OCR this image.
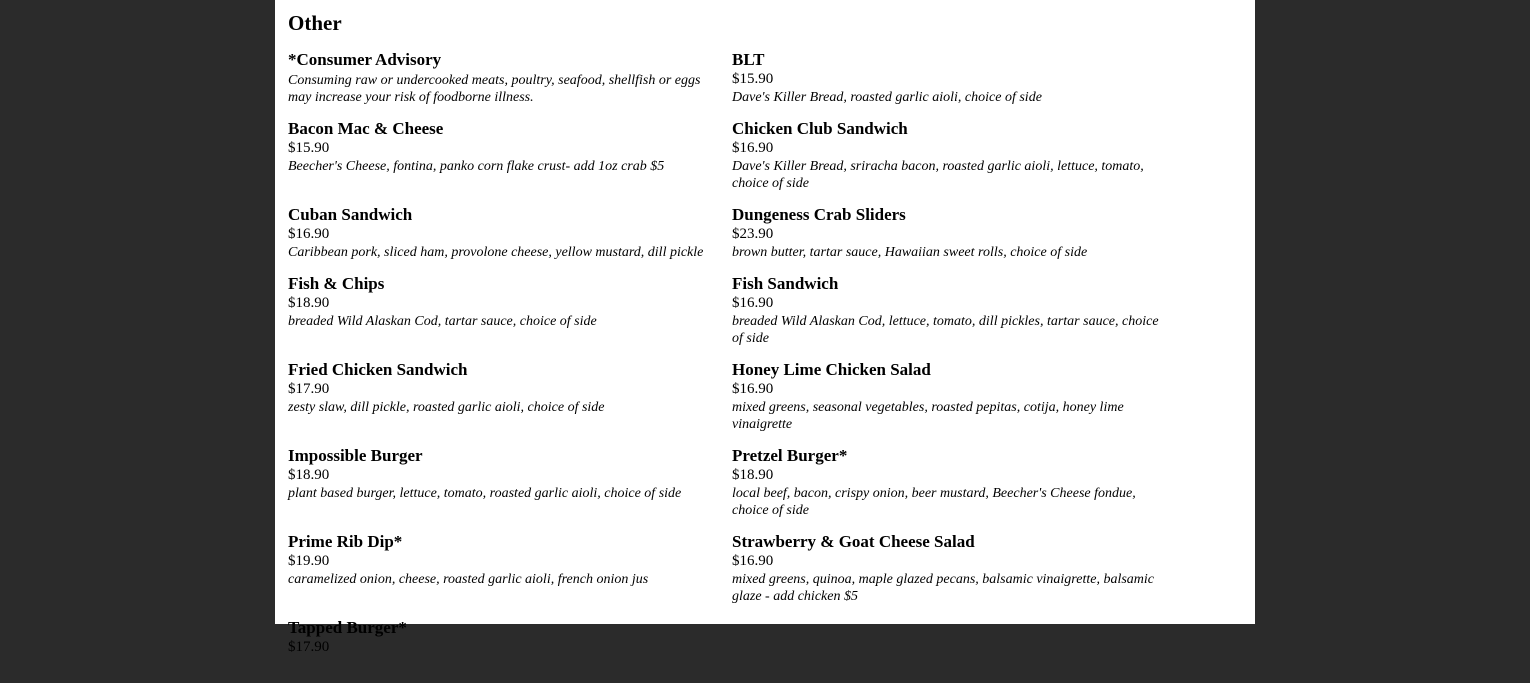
Other
*Consumer Advisory
Consuming raw or undercooked meats, poultry, seafood, shellfish or eggs may increase your risk of foodborne illness.
BLT
$15.90
Dave's Killer Bread, roasted garlic aioli, choice of side
Bacon Mac & Cheese
$15.90
Beecher's Cheese, fontina, panko corn flake crust- add 1oz crab $5
Chicken Club Sandwich
$16.90
Dave's Killer Bread, sriracha bacon, roasted garlic aioli, lettuce, tomato, choice of side
Cuban Sandwich
$16.90
Caribbean pork, sliced ham, provolone cheese, yellow mustard, dill pickle
Dungeness Crab Sliders
$23.90
brown butter, tartar sauce, Hawaiian sweet rolls, choice of side
Fish & Chips
$18.90
breaded Wild Alaskan Cod, tartar sauce, choice of side
Fish Sandwich
$16.90
breaded Wild Alaskan Cod, lettuce, tomato, dill pickles, tartar sauce, choice of side
Fried Chicken Sandwich
$17.90
zesty slaw, dill pickle, roasted garlic aioli, choice of side
Honey Lime Chicken Salad
$16.90
mixed greens, seasonal vegetables, roasted pepitas, cotija, honey lime vinaigrette
Impossible Burger
$18.90
plant based burger, lettuce, tomato, roasted garlic aioli, choice of side
Pretzel Burger*
$18.90
local beef, bacon, crispy onion, beer mustard, Beecher's Cheese fondue, choice of side
Prime Rib Dip*
$19.90
caramelized onion, cheese, roasted garlic aioli, french onion jus
Strawberry & Goat Cheese Salad
$16.90
mixed greens, quinoa, maple glazed pecans, balsamic vinaigrette, balsamic glaze - add chicken $5
Tapped Burger*
$17.90
